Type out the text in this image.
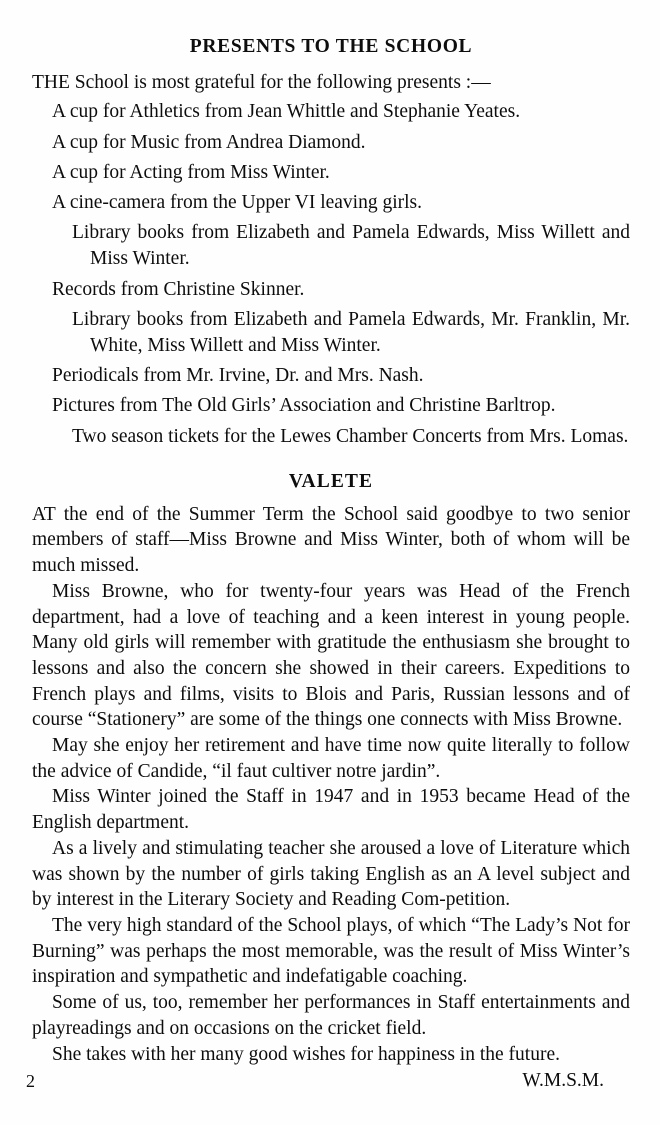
PRESENTS TO THE SCHOOL

THE School is most grateful for the following presents :—

A cup for Athletics from Jean Whittle and Stephanie Yeates.
A cup for Music from Andrea Diamond.
A cup for Acting from Miss Winter.
A cine-camera from the Upper VI leaving girls.
Library books from Elizabeth and Pamela Edwards, Miss Willett and Miss Winter.
Records from Christine Skinner.
Library books from Elizabeth and Pamela Edwards, Mr. Franklin, Mr. White, Miss Willett and Miss Winter.
Periodicals from Mr. Irvine, Dr. and Mrs. Nash.
Pictures from The Old Girls’ Association and Christine Barltrop.
Two season tickets for the Lewes Chamber Concerts from Mrs. Lomas.
VALETE

AT the end of the Summer Term the School said goodbye to two senior members of staff—Miss Browne and Miss Winter, both of whom will be much missed.

Miss Browne, who for twenty-four years was Head of the French department, had a love of teaching and a keen interest in young people. Many old girls will remember with gratitude the enthusiasm she brought to lessons and also the concern she showed in their careers. Expeditions to French plays and films, visits to Blois and Paris, Russian lessons and of course “Stationery” are some of the things one connects with Miss Browne.

May she enjoy her retirement and have time now quite literally to follow the advice of Candide, “il faut cultiver notre jardin”.

Miss Winter joined the Staff in 1947 and in 1953 became Head of the English department.

As a lively and stimulating teacher she aroused a love of Literature which was shown by the number of girls taking English as an A level subject and by interest in the Literary Society and Reading Com-petition.

The very high standard of the School plays, of which “The Lady’s Not for Burning” was perhaps the most memorable, was the result of Miss Winter’s inspiration and sympathetic and indefatigable coaching.

Some of us, too, remember her performances in Staff entertainments and playreadings and on occasions on the cricket field.

She takes with her many good wishes for happiness in the future.

W.M.S.M.
2
